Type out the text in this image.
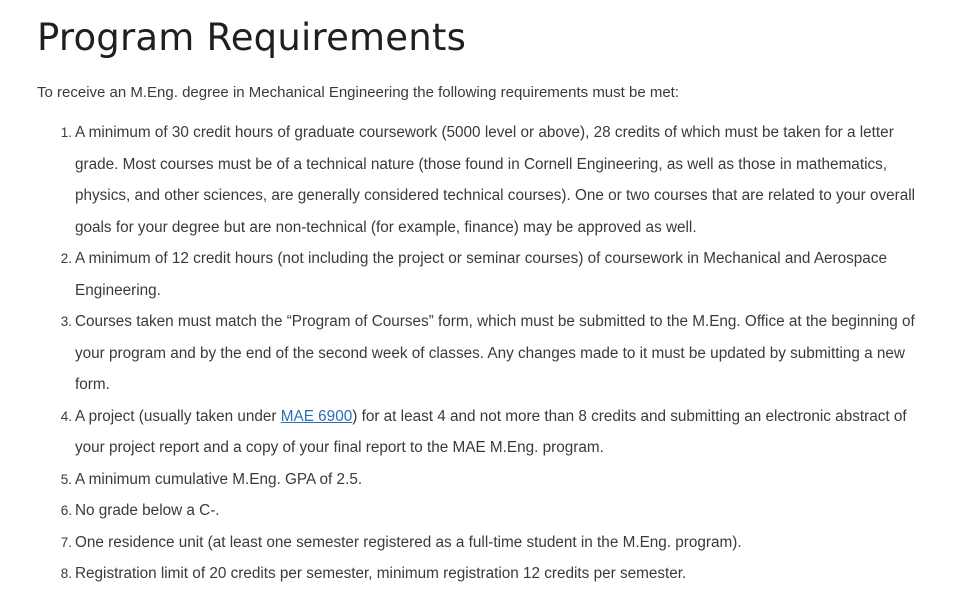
Program Requirements

To receive an M.Eng. degree in Mechanical Engineering the following requirements must be met:

1. A minimum of 30 credit hours of graduate coursework (5000 level or above), 28 credits of which must be taken for a letter grade. Most courses must be of a technical nature (those found in Cornell Engineering, as well as those in mathematics, physics, and other sciences, are generally considered technical courses). One or two courses that are related to your overall goals for your degree but are non-technical (for example, finance) may be approved as well.
2. A minimum of 12 credit hours (not including the project or seminar courses) of coursework in Mechanical and Aerospace Engineering.
3. Courses taken must match the “Program of Courses” form, which must be submitted to the M.Eng. Office at the beginning of your program and by the end of the second week of classes. Any changes made to it must be updated by submitting a new form.
4. A project (usually taken under MAE 6900) for at least 4 and not more than 8 credits and submitting an electronic abstract of your project report and a copy of your final report to the MAE M.Eng. program.
5. A minimum cumulative M.Eng. GPA of 2.5.
6. No grade below a C-.
7. One residence unit (at least one semester registered as a full-time student in the M.Eng. program).
8. Registration limit of 20 credits per semester, minimum registration 12 credits per semester.
